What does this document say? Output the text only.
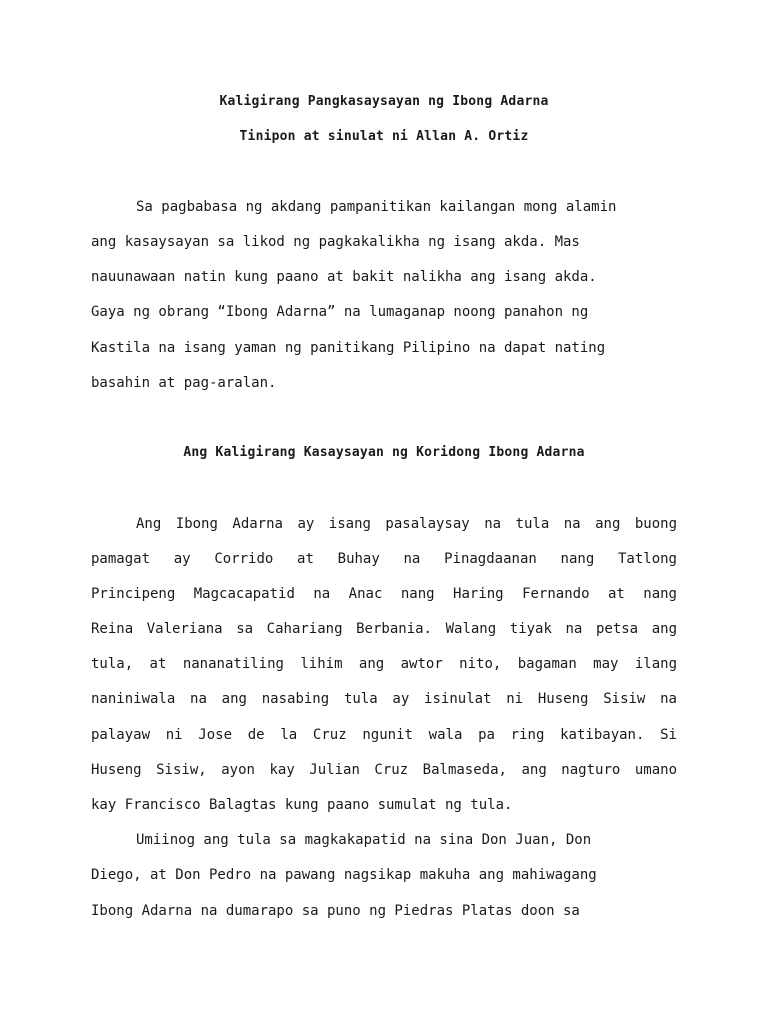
Kaligirang Pangkasaysayan ng Ibong Adarna
Tinipon at sinulat ni Allan A. Ortiz
Sa pagbabasa ng akdang pampanitikan kailangan mong alamin
ang kasaysayan sa likod ng pagkakalikha ng isang akda. Mas
nauunawaan natin kung paano at bakit nalikha ang isang akda.
Gaya ng obrang “Ibong Adarna” na lumaganap noong panahon ng
Kastila na isang yaman ng panitikang Pilipino na dapat nating
basahin at pag-aralan.
Ang Kaligirang Kasaysayan ng Koridong Ibong Adarna
Ang Ibong Adarna ay isang pasalaysay na tula na ang buong
pamagat ay Corrido at Buhay na Pinagdaanan nang Tatlong
Principeng Magcacapatid na Anac nang Haring Fernando at nang
Reina Valeriana sa Cahariang Berbania. Walang tiyak na petsa ang
tula, at nananatiling lihim ang awtor nito, bagaman may ilang
naniniwala na ang nasabing tula ay isinulat ni Huseng Sisiw na
palayaw ni Jose de la Cruz ngunit wala pa ring katibayan. Si
Huseng Sisiw, ayon kay Julian Cruz Balmaseda, ang nagturo umano
kay Francisco Balagtas kung paano sumulat ng tula.
Umiinog ang tula sa magkakapatid na sina Don Juan, Don
Diego, at Don Pedro na pawang nagsikap makuha ang mahiwagang
Ibong Adarna na dumarapo sa puno ng Piedras Platas doon sa
